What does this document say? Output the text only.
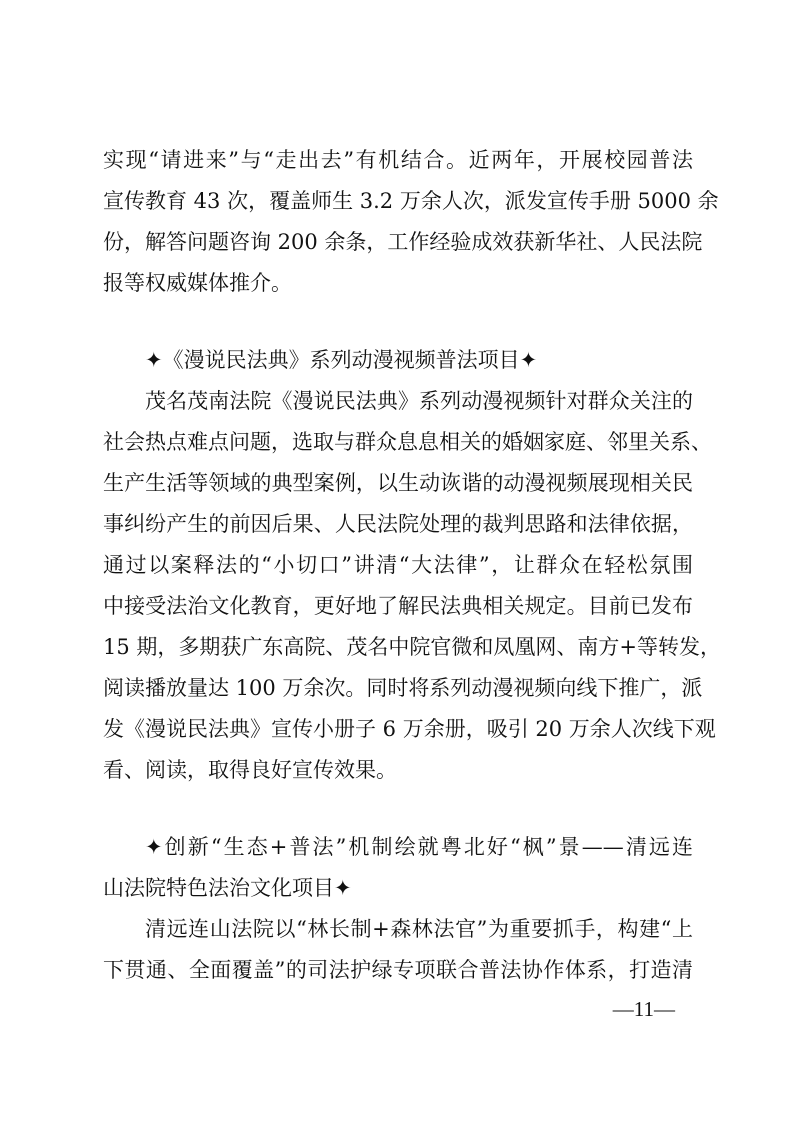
实现“请进来”与“走出去”有机结合。近两年，开展校园普法
宣传教育 43 次，覆盖师生 3.2 万余人次，派发宣传手册 5000 余
份，解答问题咨询 200 余条，工作经验成效获新华社、人民法院
报等权威媒体推介。
✦《漫说民法典》系列动漫视频普法项目✦
茂名茂南法院《漫说民法典》系列动漫视频针对群众关注的
社会热点难点问题，选取与群众息息相关的婚姻家庭、邻里关系、
生产生活等领域的典型案例，以生动诙谐的动漫视频展现相关民
事纠纷产生的前因后果、人民法院处理的裁判思路和法律依据，
通过以案释法的“小切口”讲清“大法律”，让群众在轻松氛围
中接受法治文化教育，更好地了解民法典相关规定。目前已发布
15 期，多期获广东高院、茂名中院官微和凤凰网、南方+等转发，
阅读播放量达 100 万余次。同时将系列动漫视频向线下推广，派
发《漫说民法典》宣传小册子 6 万余册，吸引 20 万余人次线下观
看、阅读，取得良好宣传效果。
✦创新“生态+普法”机制绘就粤北好“枫”景——清远连
山法院特色法治文化项目✦
清远连山法院以“林长制+森林法官”为重要抓手，构建“上
下贯通、全面覆盖”的司法护绿专项联合普法协作体系，打造清
—11—
